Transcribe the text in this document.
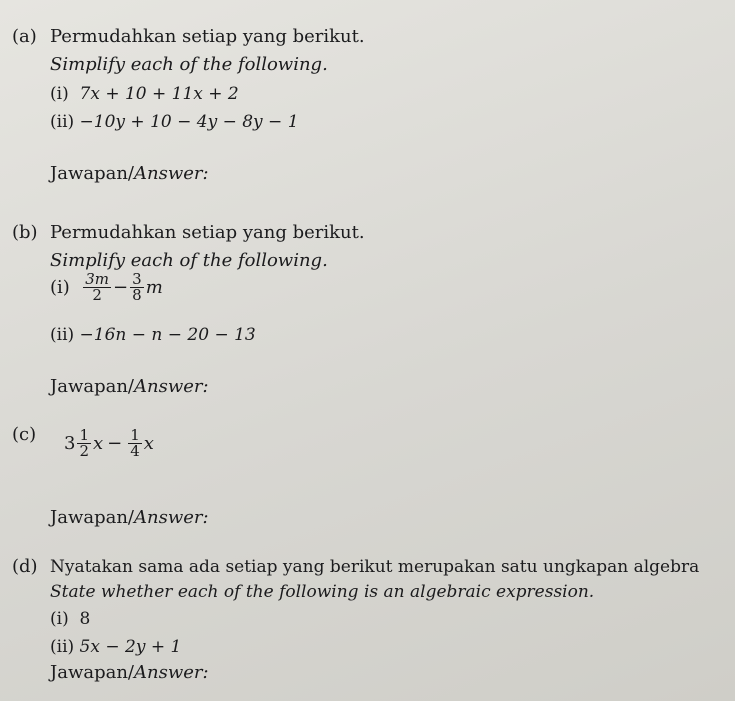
(a) Permudahkan setiap yang berikut.
Simplify each of the following.
(i) 7x + 10 + 11x + 2
(ii) −10y + 10 − 4y − 8y − 1
Jawapan/Answer:
(b) Permudahkan setiap yang berikut.
Simplify each of the following.
(i)
$\frac{3m}{2} - \frac{3}{8}$ m
(ii) −16n − n − 20 − 13
Jawapan/Answer:
(c) $3 \frac{1}{2}$ $x - \frac{1}{4}$ x
Jawapan/Answer:
(d) Nyatakan sama ada setiap yang berikut merupakan satu ungkapan algebra
State whether each of the following is an algebraic expression.
(i) 8
(ii) 5x − 2y + 1
Jawapan/Answer:
